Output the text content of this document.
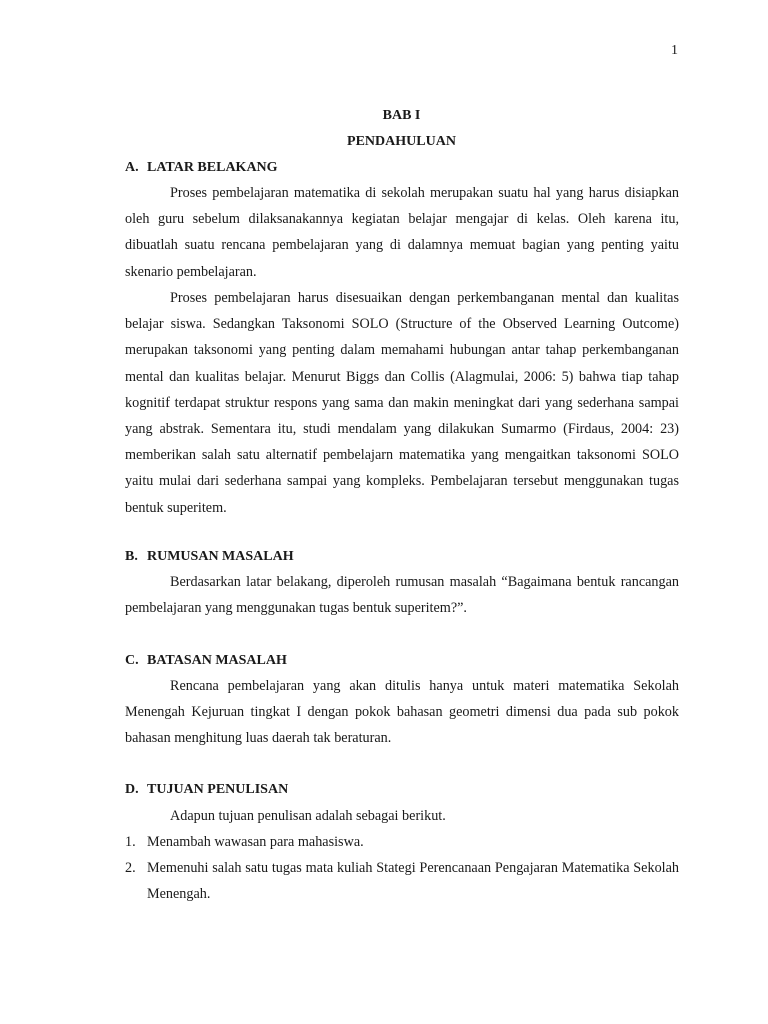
1
BAB I
PENDAHULUAN
A. LATAR BELAKANG
Proses pembelajaran matematika di sekolah merupakan suatu hal yang harus disiapkan oleh guru sebelum dilaksanakannya kegiatan belajar mengajar di kelas. Oleh karena itu, dibuatlah suatu rencana pembelajaran yang di dalamnya memuat bagian yang penting yaitu skenario pembelajaran.
Proses pembelajaran harus disesuaikan dengan perkembanganan mental dan kualitas belajar siswa. Sedangkan Taksonomi SOLO (Structure of the Observed Learning Outcome) merupakan taksonomi yang penting dalam memahami hubungan antar tahap perkembanganan mental dan kualitas belajar. Menurut Biggs dan Collis (Alagmulai, 2006: 5) bahwa tiap tahap kognitif terdapat struktur respons yang sama dan makin meningkat dari yang sederhana sampai yang abstrak. Sementara itu, studi mendalam yang dilakukan Sumarmo (Firdaus, 2004: 23) memberikan salah satu alternatif pembelajarn matematika yang mengaitkan taksonomi SOLO yaitu mulai dari sederhana sampai yang kompleks. Pembelajaran tersebut menggunakan tugas bentuk superitem.
B. RUMUSAN MASALAH
Berdasarkan latar belakang, diperoleh rumusan masalah “Bagaimana bentuk rancangan pembelajaran yang menggunakan tugas bentuk superitem?”.
C. BATASAN MASALAH
Rencana pembelajaran yang akan ditulis hanya untuk materi matematika Sekolah Menengah Kejuruan tingkat I dengan pokok bahasan geometri dimensi dua pada sub pokok bahasan menghitung luas daerah tak beraturan.
D. TUJUAN PENULISAN
Adapun tujuan penulisan adalah sebagai berikut.
1. Menambah wawasan para mahasiswa.
2. Memenuhi salah satu tugas mata kuliah Stategi Perencanaan Pengajaran Matematika Sekolah Menengah.
